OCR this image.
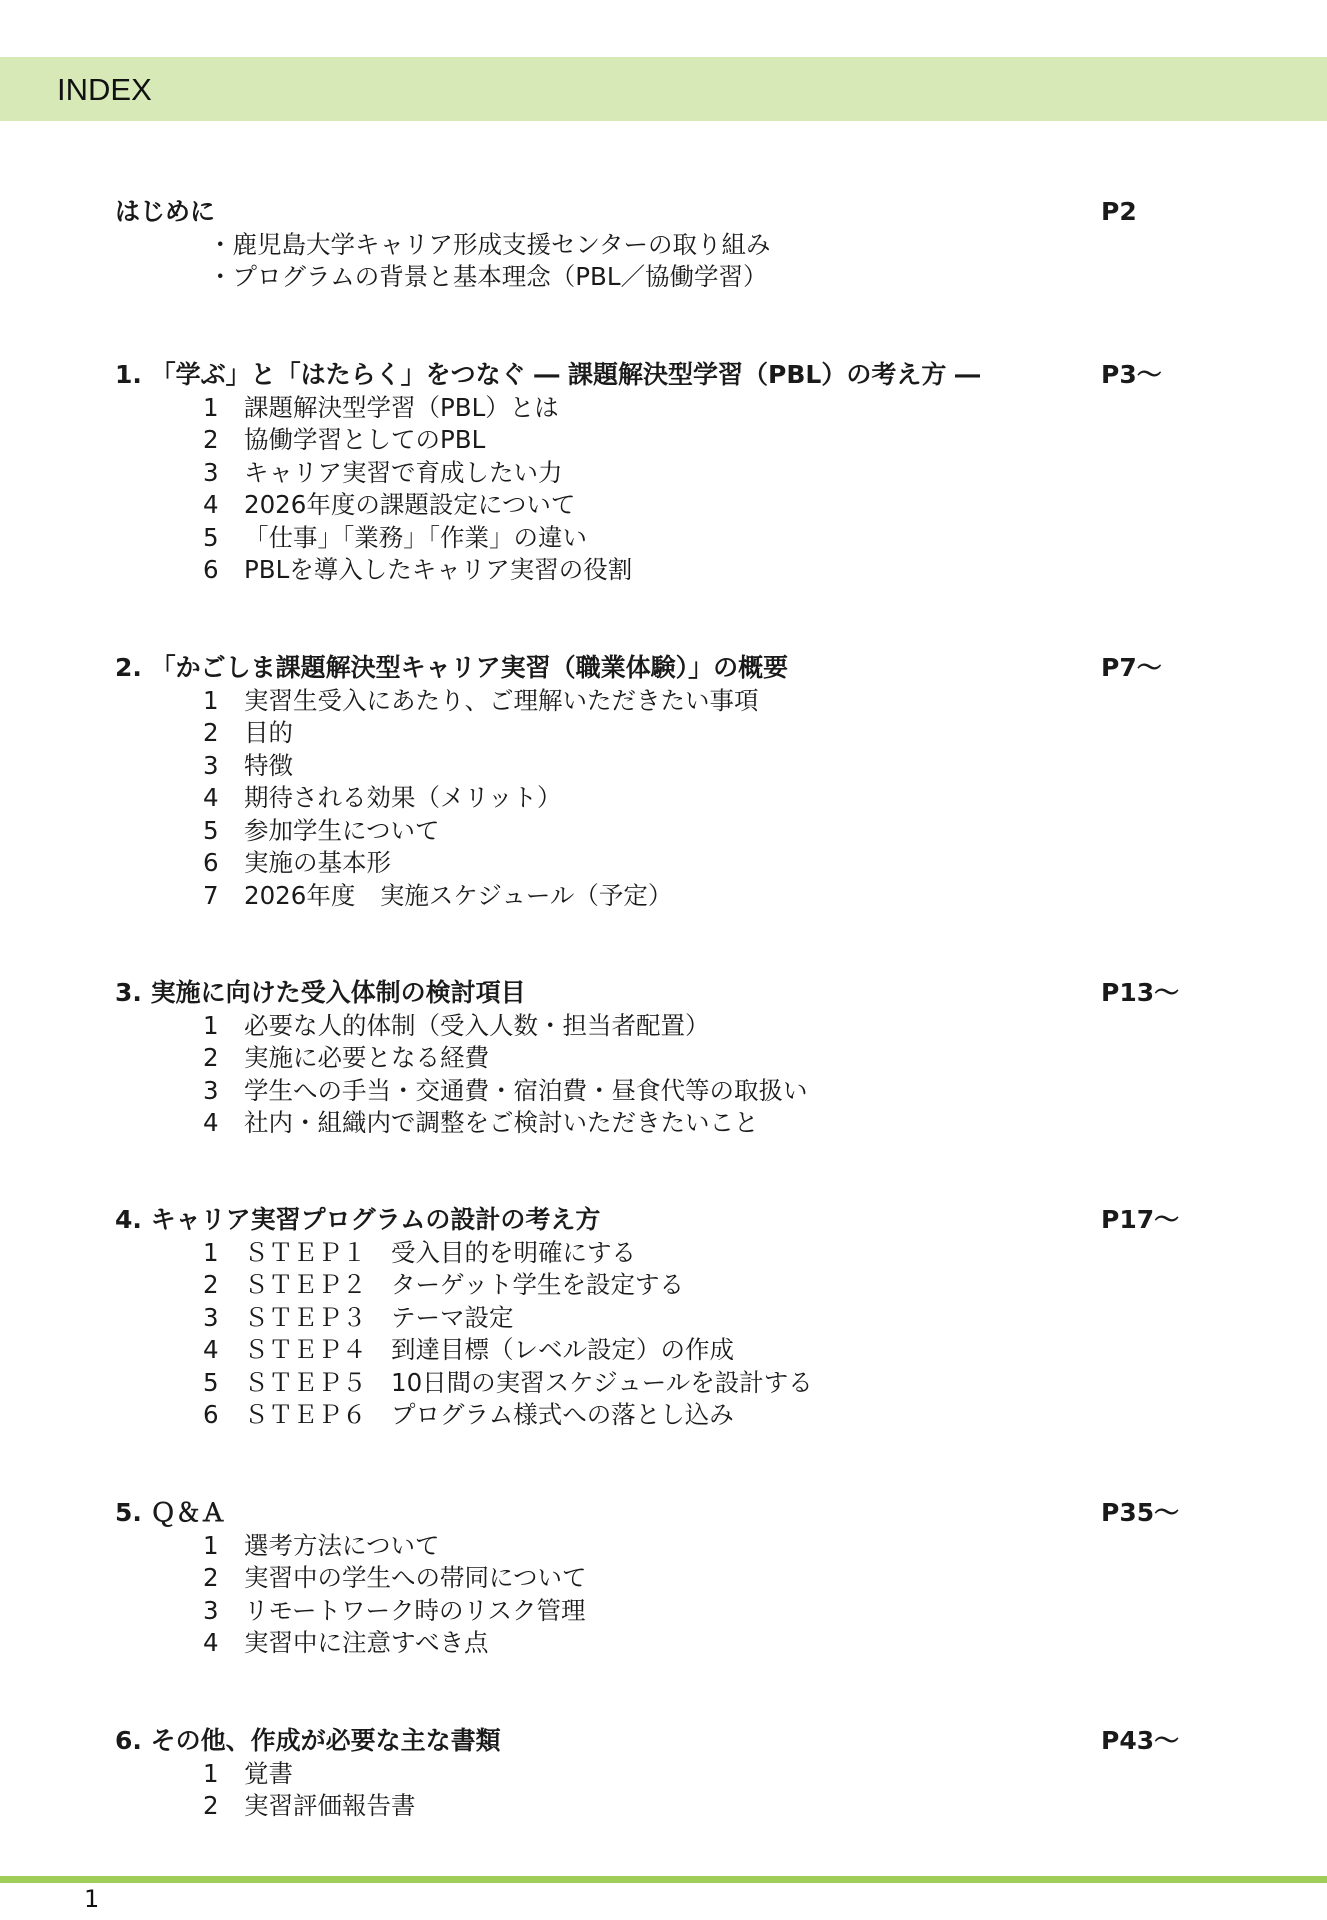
INDEX
はじめに	P2
・鹿児島大学キャリア形成支援センターの取り組み
・プログラムの背景と基本理念（PBL／協働学習）
1. 「学ぶ」と「はたらく」をつなぐ ― 課題解決型学習（PBL）の考え方 ―	P3～
1 課題解決型学習（PBL）とは
2 協働学習としてのPBL
3 キャリア実習で育成したい力
4 2026年度の課題設定について
5 「仕事」「業務」「作業」の違い
6 PBLを導入したキャリア実習の役割
2. 「かごしま課題解決型キャリア実習（職業体験）」の概要	P7～
1 実習生受入にあたり、ご理解いただきたい事項
2 目的
3 特徴
4 期待される効果（メリット）
5 参加学生について
6 実施の基本形
7 2026年度　実施スケジュール（予定）
3. 実施に向けた受入体制の検討項目	P13～
1 必要な人的体制（受入人数・担当者配置）
2 実施に必要となる経費
3 学生への手当・交通費・宿泊費・昼食代等の取扱い
4 社内・組織内で調整をご検討いただきたいこと
4. キャリア実習プログラムの設計の考え方	P17～
1 ＳＴＥＰ１　受入目的を明確にする
2 ＳＴＥＰ２　ターゲット学生を設定する
3 ＳＴＥＰ３　テーマ設定
4 ＳＴＥＰ４　到達目標（レベル設定）の作成
5 ＳＴＥＰ５　10日間の実習スケジュールを設計する
6 ＳＴＥＰ６　プログラム様式への落とし込み
5. Ｑ＆Ａ	P35～
1 選考方法について
2 実習中の学生への帯同について
3 リモートワーク時のリスク管理
4 実習中に注意すべき点
6. その他、作成が必要な主な書類	P43～
1 覚書
2 実習評価報告書
1
